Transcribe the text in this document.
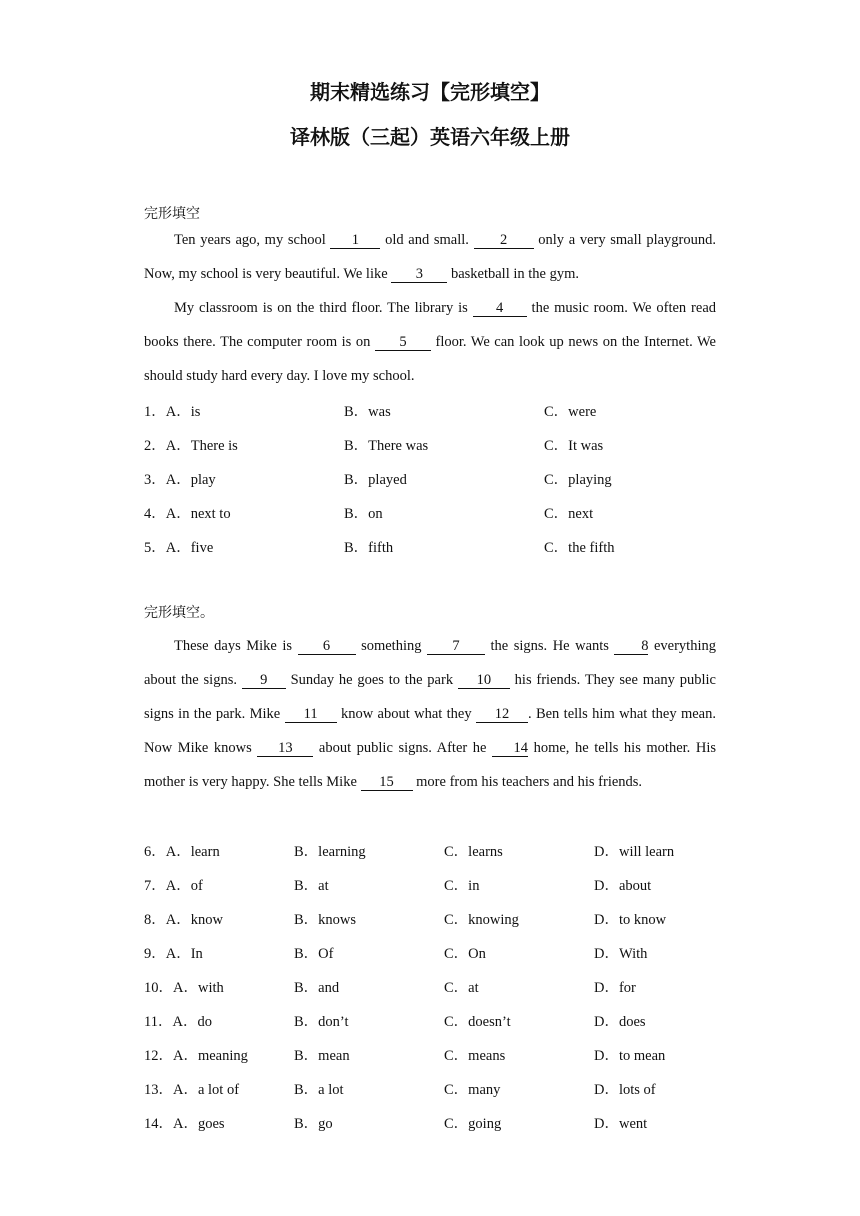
期末精选练习【完形填空】
译林版（三起）英语六年级上册
完形填空

Ten years ago, my school 1 old and small. 2 only a very small playground. Now, my school is very beautiful. We like 3 basketball in the gym.

My classroom is on the third floor. The library is 4 the music room. We often read books there. The computer room is on 5 floor. We can look up news on the Internet. We should study hard every day. I love my school.

1．A．is	B．was	C．were
2．A．There is	B．There was	C．It was
3．A．play	B．played	C．playing
4．A．next to	B．on	C．next
5．A．five	B．fifth	C．the fifth
完形填空。

These days Mike is 6 something 7 the signs. He wants 8 everything about the signs. 9 Sunday he goes to the park 10 his friends. They see many public signs in the park. Mike 11 know about what they 12 . Ben tells him what they mean. Now Mike knows 13 about public signs. After he 14 home, he tells his mother. His mother is very happy. She tells Mike 15 more from his teachers and his friends.

6．A．learn	B．learning	C．learns	D．will learn
7．A．of	B．at	C．in	D．about
8．A．know	B．knows	C．knowing	D．to know
9．A．In	B．Of	C．On	D．With
10．A．with	B．and	C．at	D．for
11．A．do	B．don’t	C．doesn’t	D．does
12．A．meaning	B．mean	C．means	D．to mean
13．A．a lot of	B．a lot	C．many	D．lots of
14．A．goes	B．go	C．going	D．went
